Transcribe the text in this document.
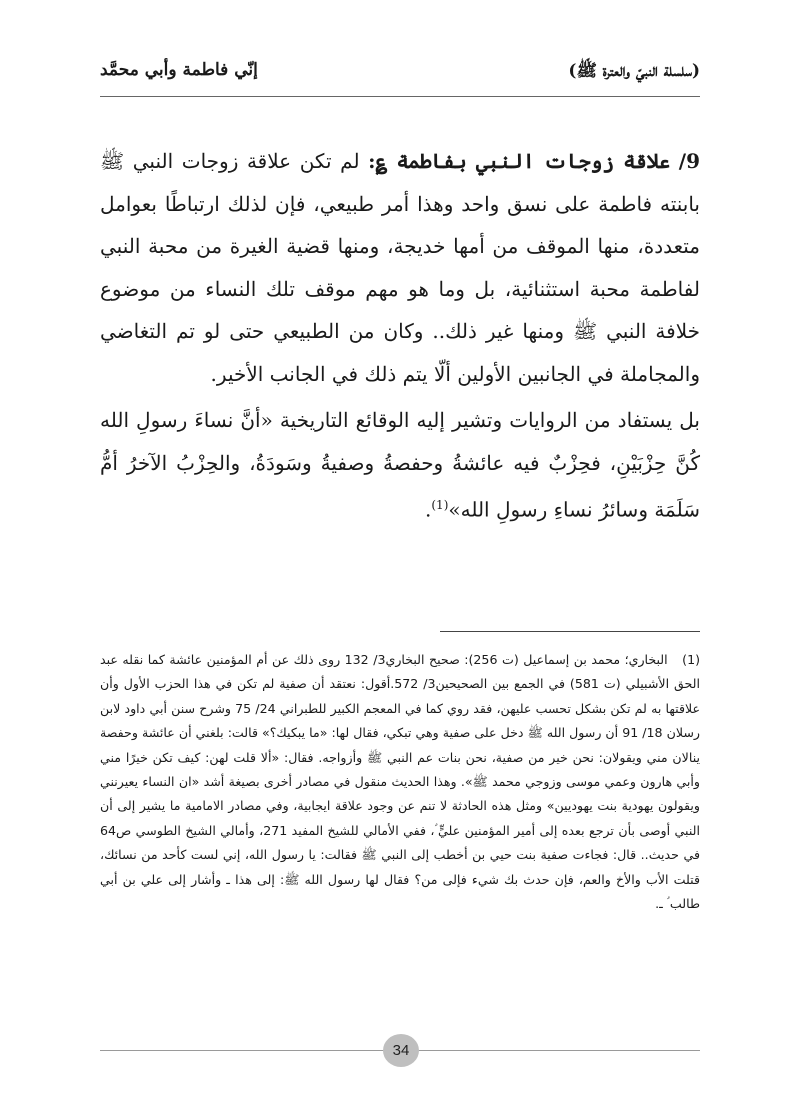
(سلسلة النبيّ والعترة ﷺ)
إنّي فاطمة وأبي محمَّد

9/ علاقة زوجات النبي بفاطمة ؏: لم تكن علاقة زوجات النبي ﷺ بابنته فاطمة على نسق واحد وهذا أمر طبيعي، فإن لذلك ارتباطًا بعوامل متعددة، منها الموقف من أمها خديجة، ومنها قضية الغيرة من محبة النبي لفاطمة محبة استثنائية، بل وما هو مهم موقف تلك النساء من موضوع خلافة النبي ﷺ ومنها غير ذلك.. وكان من الطبيعي حتى لو تم التغاضي والمجاملة في الجانبين الأولين ألّا يتم ذلك في الجانب الأخير.

بل يستفاد من الروايات وتشير إليه الوقائع التاريخية «أنَّ نساءَ رسولِ الله كُنَّ حِزْبَيْنِ، فحِزْبٌ فيه عائشةُ وحفصةُ وصفيةُ وسَودَةُ، والحِزْبُ الآخرُ أمُّ سَلَمَة وسائرُ نساءِ رسولِ الله»$^{(1)}$.

(1) البخاري؛ محمد بن إسماعيل (ت 256): صحيح البخاري3/ 132 روى ذلك عن أم المؤمنين عائشة كما نقله عبد الحق الأشبيلي (ت 581) في الجمع بين الصحيحين3/ 572.أقول: نعتقد أن صفية لم تكن في هذا الحزب الأول وأن علاقتها به لم تكن بشكل تحسب عليهن، فقد روي كما في المعجم الكبير للطبراني 24/ 75 وشرح سنن أبي داود لابن رسلان 18/ 91 أن رسول الله ﷺ دخل على صفية وهي تبكي، فقال لها: «ما يبكيك؟» قالت: بلغني أن عائشة وحفصة ينالان مني ويقولان: نحن خير من صفية، نحن بنات عم النبي ﷺ وأزواجه. فقال: «ألا قلت لهن: كيف تكن خيرًا مني وأبي هارون وعمي موسى وزوجي محمد ﷺ». وهذا الحديث منقول في مصادر أخرى بصيغة أشد «ان النساء يعيرنني ويقولون يهودية بنت يهوديين» ومثل هذه الحادثة لا تنم عن وجود علاقة ايجابية، وفي مصادر الامامية ما يشير إلى أن النبي أوصى بأن ترجع بعده إلى أمير المؤمنين عليٍّ ؑ، ففي الأمالي للشيخ المفيد 271، وأمالي الشيخ الطوسي ص64 في حديث.. قال: فجاءت صفية بنت حيي بن أخطب إلى النبي ﷺ فقالت: يا رسول الله، إني لست كأحد من نسائك، قتلت الأب والأخ والعم، فإن حدث بك شيء فإلى من؟ فقال لها رسول الله ﷺ: إلى هذا ـ وأشار إلى علي بن أبي طالب ؑ ـ.
34
